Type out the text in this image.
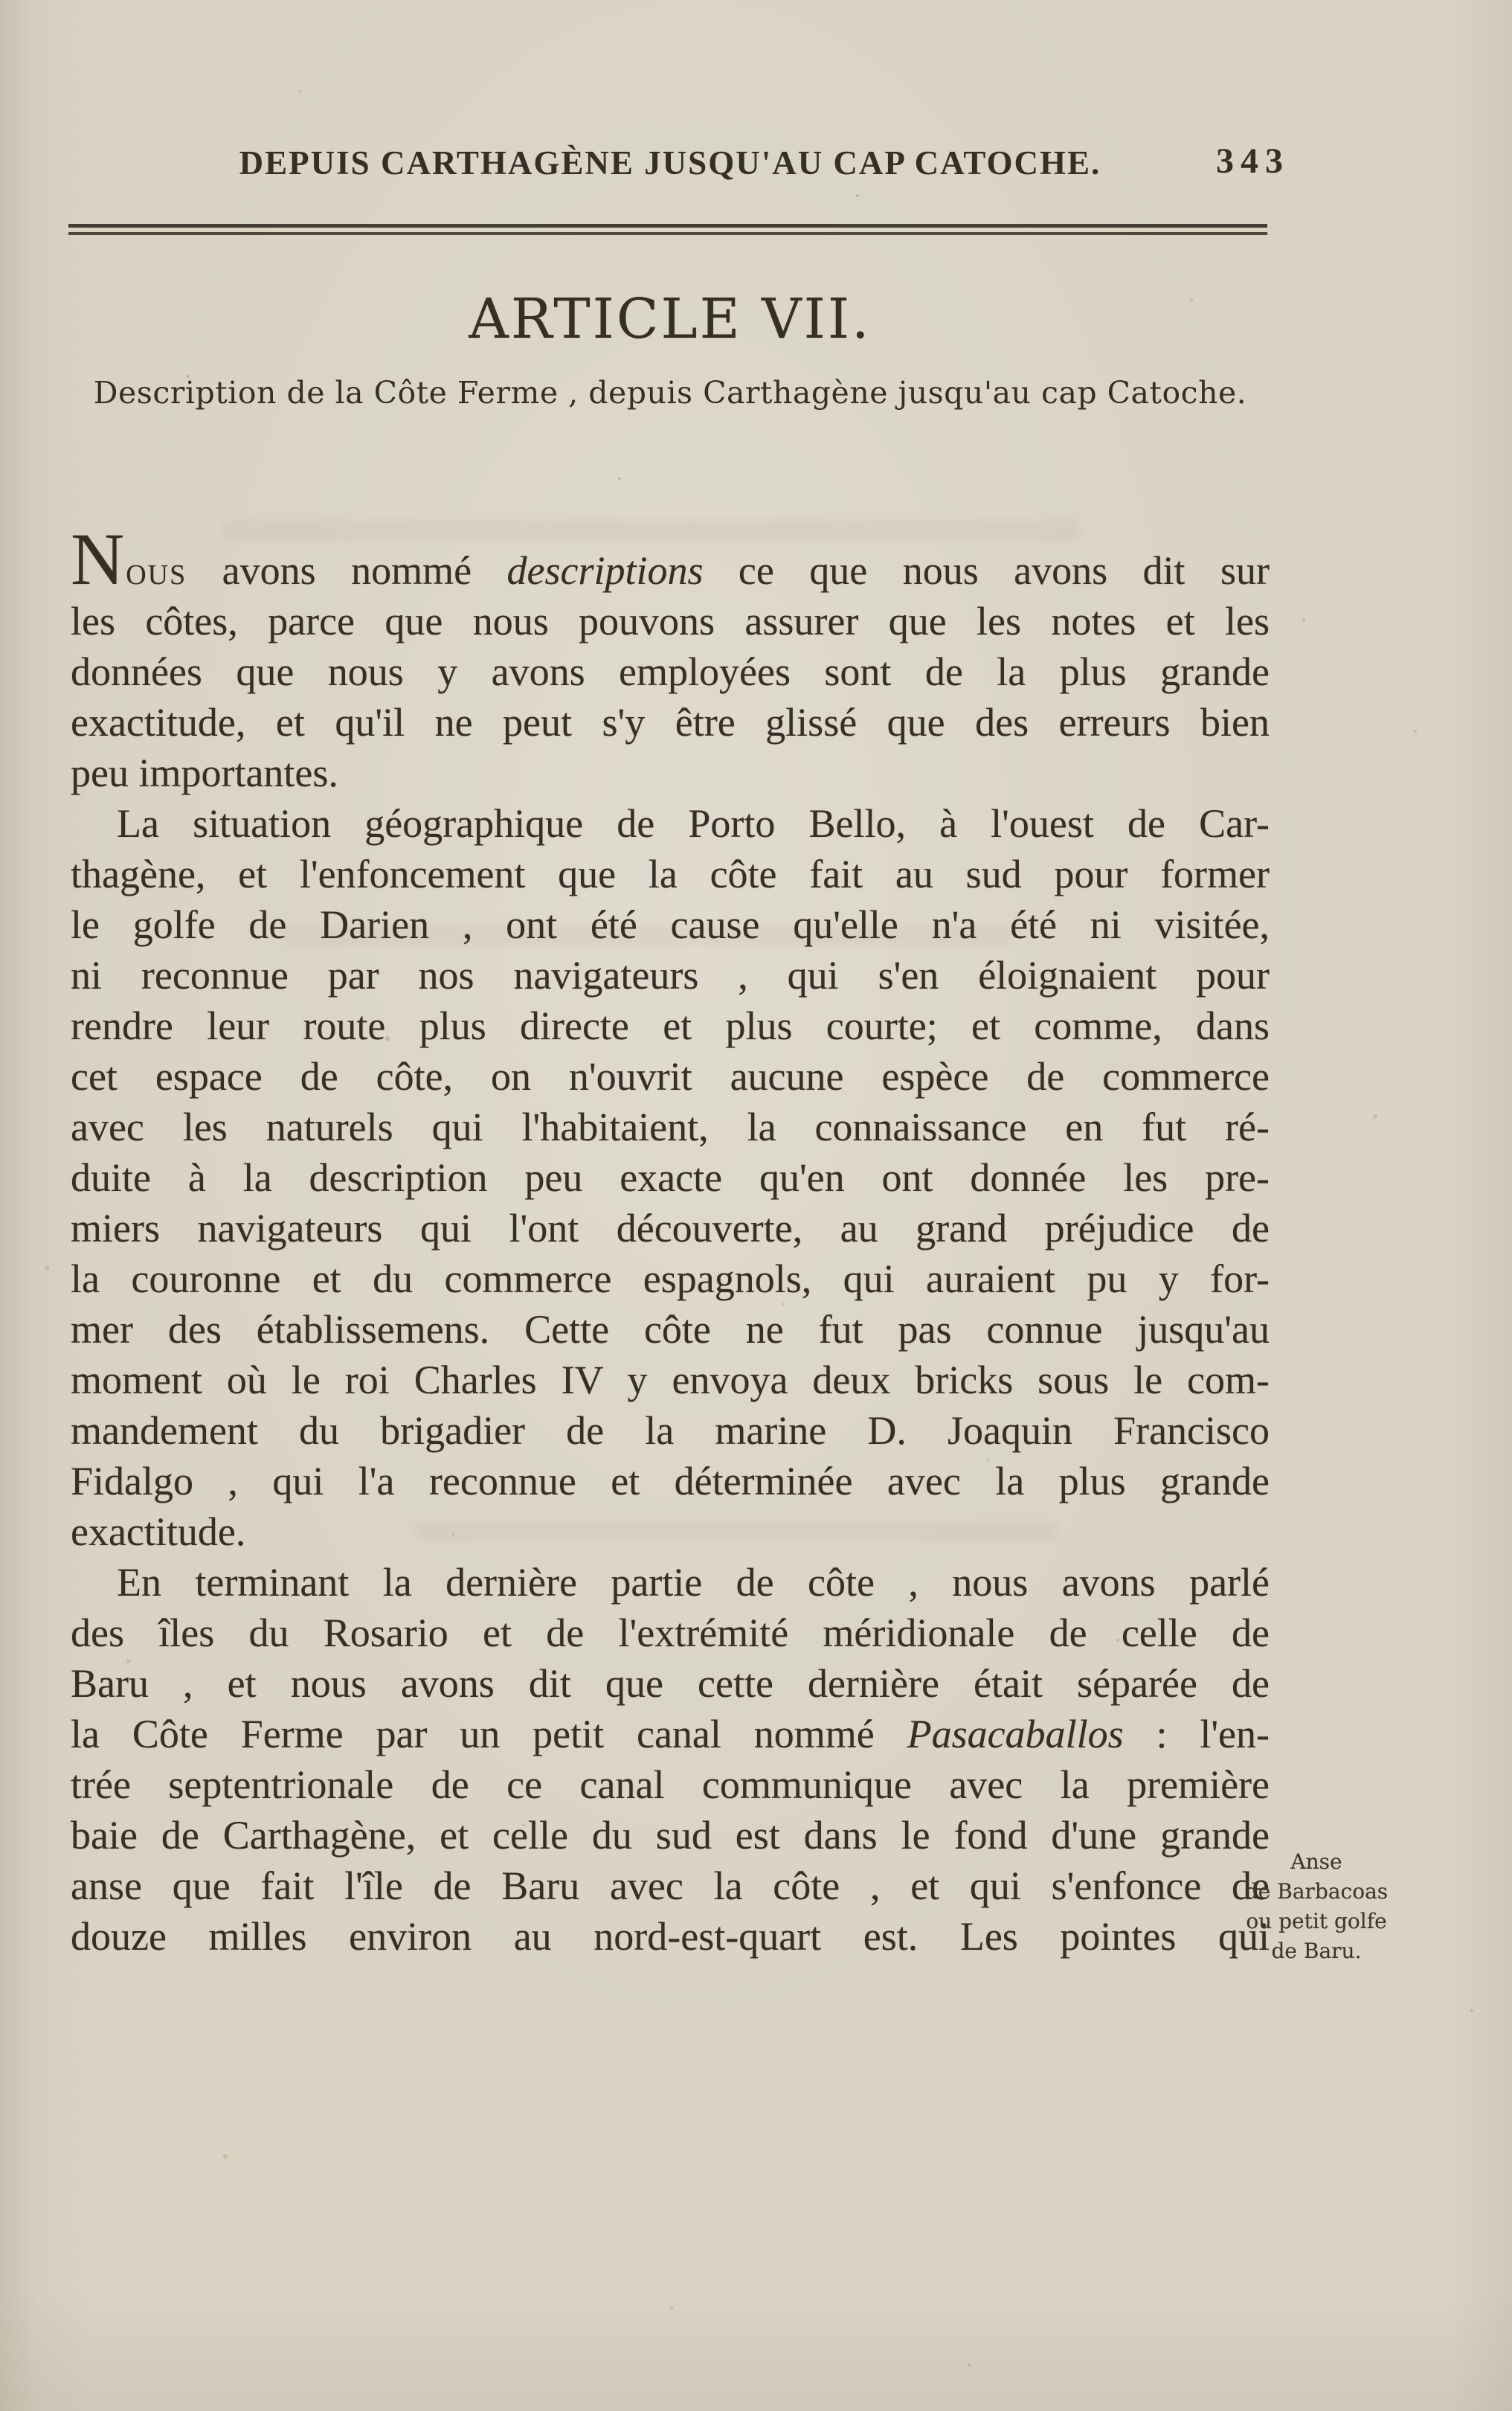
DEPUIS CARTHAGÈNE JUSQU'AU CAP CATOCHE.	343
ARTICLE VII.
Description de la Côte Ferme , depuis Carthagène jusqu'au cap Catoche.
Nous avons nommé descriptions ce que nous avons dit sur
les côtes, parce que nous pouvons assurer que les notes et les
données que nous y avons employées sont de la plus grande
exactitude, et qu'il ne peut s'y être glissé que des erreurs bien
peu importantes.
La situation géographique de Porto Bello, à l'ouest de Car-
thagène, et l'enfoncement que la côte fait au sud pour former
le golfe de Darien , ont été cause qu'elle n'a été ni visitée,
ni reconnue par nos navigateurs , qui s'en éloignaient pour
rendre leur route plus directe et plus courte; et comme, dans
cet espace de côte, on n'ouvrit aucune espèce de commerce
avec les naturels qui l'habitaient, la connaissance en fut ré-
duite à la description peu exacte qu'en ont donnée les pre-
miers navigateurs qui l'ont découverte, au grand préjudice de
la couronne et du commerce espagnols, qui auraient pu y for-
mer des établissemens. Cette côte ne fut pas connue jusqu'au
moment où le roi Charles IV y envoya deux bricks sous le com-
mandement du brigadier de la marine D. Joaquin Francisco
Fidalgo , qui l'a reconnue et déterminée avec la plus grande
exactitude.
En terminant la dernière partie de côte , nous avons parlé
des îles du Rosario et de l'extrémité méridionale de celle de
Baru , et nous avons dit que cette dernière était séparée de
la Côte Ferme par un petit canal nommé Pasacaballos : l'en-
trée septentrionale de ce canal communique avec la première
baie de Carthagène, et celle du sud est dans le fond d'une grande
anse que fait l'île de Baru avec la côte , et qui s'enfonce de
douze milles environ au nord-est-quart est. Les pointes qui
Anse
de Barbacoas
ou petit golfe
de Baru.
